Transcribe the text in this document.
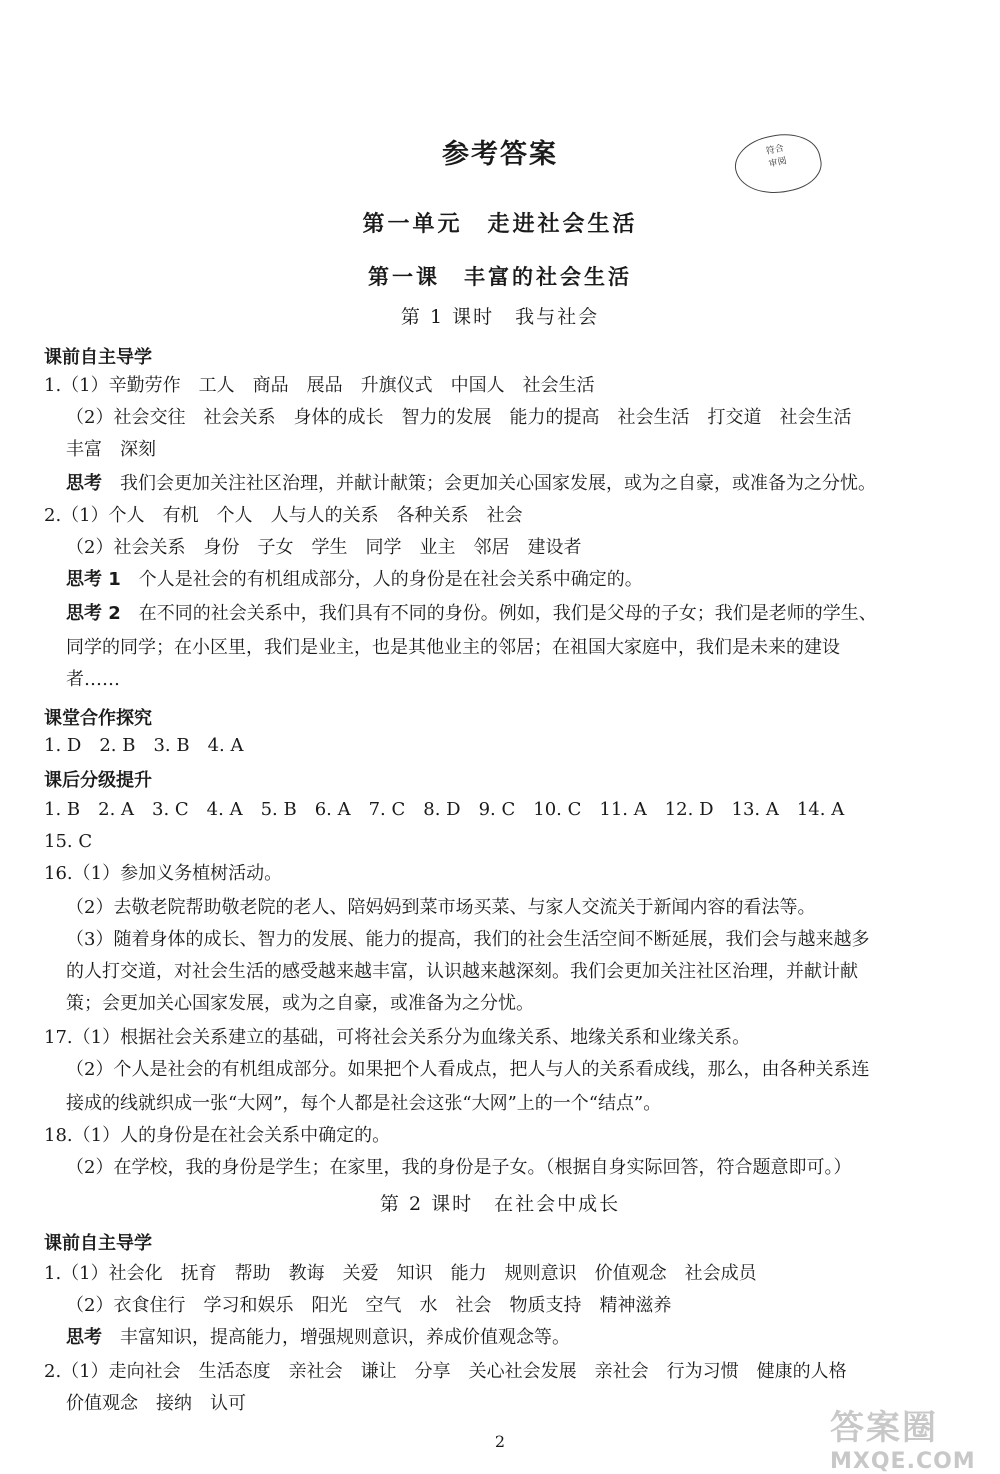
参考答案	符合
审阅
第一单元　走进社会生活
第一课　丰富的社会生活
第 1 课时　我与社会
课前自主导学
1.（1）辛勤劳作　工人　商品　展品　升旗仪式　中国人　社会生活
（2）社会交往　社会关系　身体的成长　智力的发展　能力的提高　社会生活　打交道　社会生活
丰富　深刻
思考　我们会更加关注社区治理，并献计献策；会更加关心国家发展，或为之自豪，或准备为之分忧。
2.（1）个人　有机　个人　人与人的关系　各种关系　社会
（2）社会关系　身份　子女　学生　同学　业主　邻居　建设者
思考 1　个人是社会的有机组成部分，人的身份是在社会关系中确定的。
思考 2　在不同的社会关系中，我们具有不同的身份。例如，我们是父母的子女；我们是老师的学生、
同学的同学；在小区里，我们是业主，也是其他业主的邻居；在祖国大家庭中，我们是未来的建设
者……
课堂合作探究
1. D　2. B　3. B　4. A
课后分级提升
1. B　2. A　3. C　4. A　5. B　6. A　7. C　8. D　9. C　10. C　11. A　12. D　13. A　14. A
15. C
16.（1）参加义务植树活动。
（2）去敬老院帮助敬老院的老人、陪妈妈到菜市场买菜、与家人交流关于新闻内容的看法等。
（3）随着身体的成长、智力的发展、能力的提高，我们的社会生活空间不断延展，我们会与越来越多
的人打交道，对社会生活的感受越来越丰富，认识越来越深刻。我们会更加关注社区治理，并献计献
策；会更加关心国家发展，或为之自豪，或准备为之分忧。
17.（1）根据社会关系建立的基础，可将社会关系分为血缘关系、地缘关系和业缘关系。
（2）个人是社会的有机组成部分。如果把个人看成点，把人与人的关系看成线，那么，由各种关系连
接成的线就织成一张“大网”，每个人都是社会这张“大网”上的一个“结点”。
18.（1）人的身份是在社会关系中确定的。
（2）在学校，我的身份是学生；在家里，我的身份是子女。（根据自身实际回答，符合题意即可。）
第 2 课时　在社会中成长
课前自主导学
1.（1）社会化　抚育　帮助　教诲　关爱　知识　能力　规则意识　价值观念　社会成员
（2）衣食住行　学习和娱乐　阳光　空气　水　社会　物质支持　精神滋养
思考　丰富知识，提高能力，增强规则意识，养成价值观念等。
2.（1）走向社会　生活态度　亲社会　谦让　分享　关心社会发展　亲社会　行为习惯　健康的人格
价值观念　接纳　认可

2	答案圈
MXQE.COM
